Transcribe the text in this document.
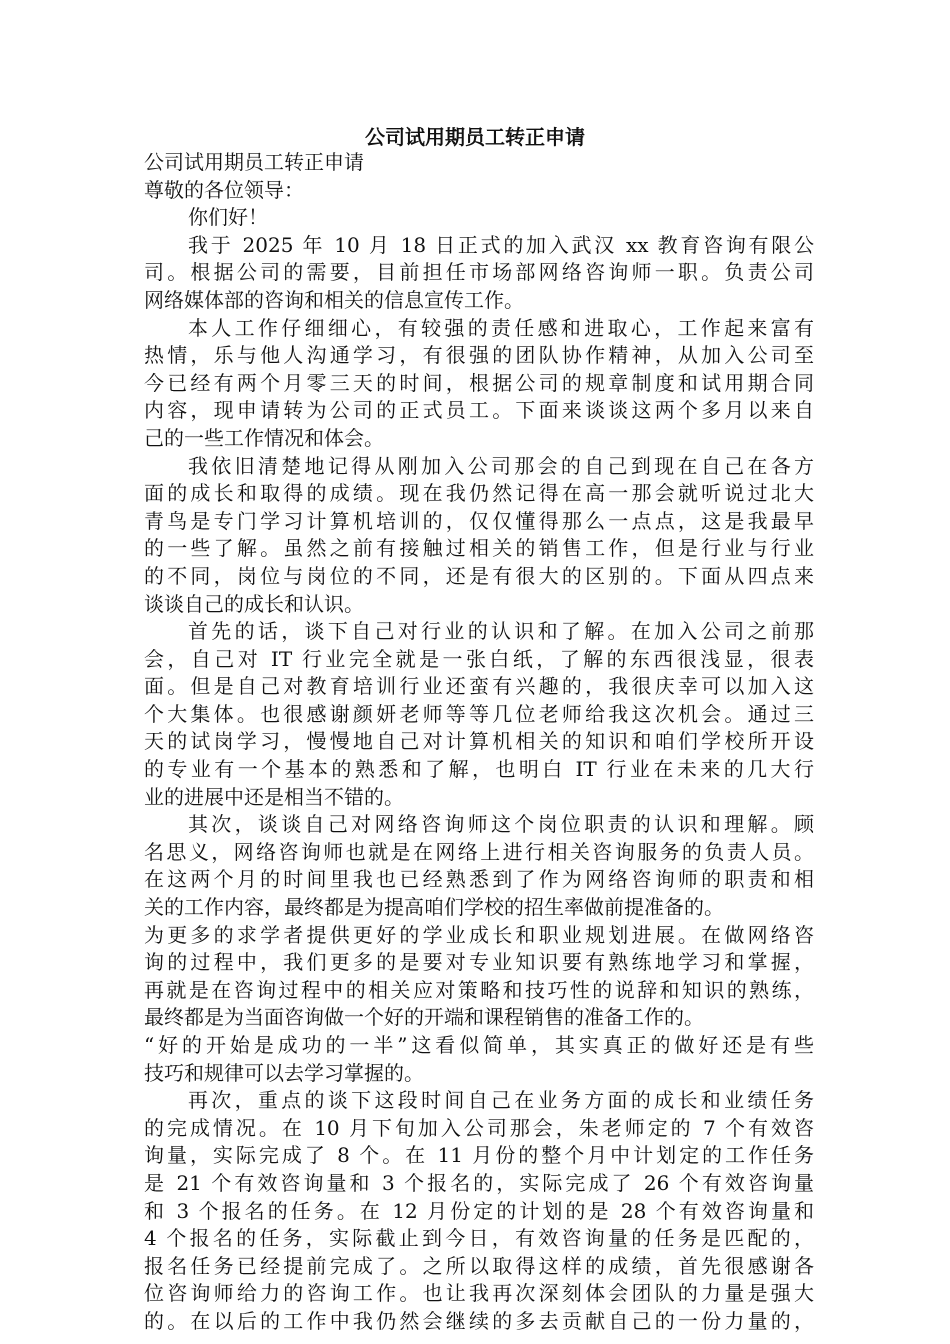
公司试用期员工转正申请
公司试用期员工转正申请
尊敬的各位领导：
你们好！
我于 2025 年 10 月 18 日正式的加入武汉 xx 教育咨询有限公
司。根据公司的需要，目前担任市场部网络咨询师一职。负责公司
网络媒体部的咨询和相关的信息宣传工作。
本人工作仔细细心，有较强的责任感和进取心，工作起来富有
热情，乐与他人沟通学习，有很强的团队协作精神，从加入公司至
今已经有两个月零三天的时间，根据公司的规章制度和试用期合同
内容，现申请转为公司的正式员工。下面来谈谈这两个多月以来自
己的一些工作情况和体会。
我依旧清楚地记得从刚加入公司那会的自己到现在自己在各方
面的成长和取得的成绩。现在我仍然记得在高一那会就听说过北大
青鸟是专门学习计算机培训的，仅仅懂得那么一点点，这是我最早
的一些了解。虽然之前有接触过相关的销售工作，但是行业与行业
的不同，岗位与岗位的不同，还是有很大的区别的。下面从四点来
谈谈自己的成长和认识。
首先的话，谈下自己对行业的认识和了解。在加入公司之前那
会，自己对 IT 行业完全就是一张白纸，了解的东西很浅显，很表
面。但是自己对教育培训行业还蛮有兴趣的，我很庆幸可以加入这
个大集体。也很感谢颜妍老师等等几位老师给我这次机会。通过三
天的试岗学习，慢慢地自己对计算机相关的知识和咱们学校所开设
的专业有一个基本的熟悉和了解，也明白 IT 行业在未来的几大行
业的进展中还是相当不错的。
其次，谈谈自己对网络咨询师这个岗位职责的认识和理解。顾
名思义，网络咨询师也就是在网络上进行相关咨询服务的负责人员。
在这两个月的时间里我也已经熟悉到了作为网络咨询师的职责和相
关的工作内容，最终都是为提高咱们学校的招生率做前提准备的。
为更多的求学者提供更好的学业成长和职业规划进展。在做网络咨
询的过程中，我们更多的是要对专业知识要有熟练地学习和掌握，
再就是在咨询过程中的相关应对策略和技巧性的说辞和知识的熟练，
最终都是为当面咨询做一个好的开端和课程销售的准备工作的。
“好的开始是成功的一半”这看似简单，其实真正的做好还是有些
技巧和规律可以去学习掌握的。
再次，重点的谈下这段时间自己在业务方面的成长和业绩任务
的完成情况。在 10 月下旬加入公司那会，朱老师定的 7 个有效咨
询量，实际完成了 8 个。在 11 月份的整个月中计划定的工作任务
是 21 个有效咨询量和 3 个报名的，实际完成了 26 个有效咨询量
和 3 个报名的任务。在 12 月份定的计划的是 28 个有效咨询量和
4 个报名的任务，实际截止到今日，有效咨询量的任务是匹配的，
报名任务已经提前完成了。之所以取得这样的成绩，首先很感谢各
位咨询师给力的咨询工作。也让我再次深刻体会团队的力量是强大
的。在以后的工作中我仍然会继续的多去贡献自己的一份力量的，
